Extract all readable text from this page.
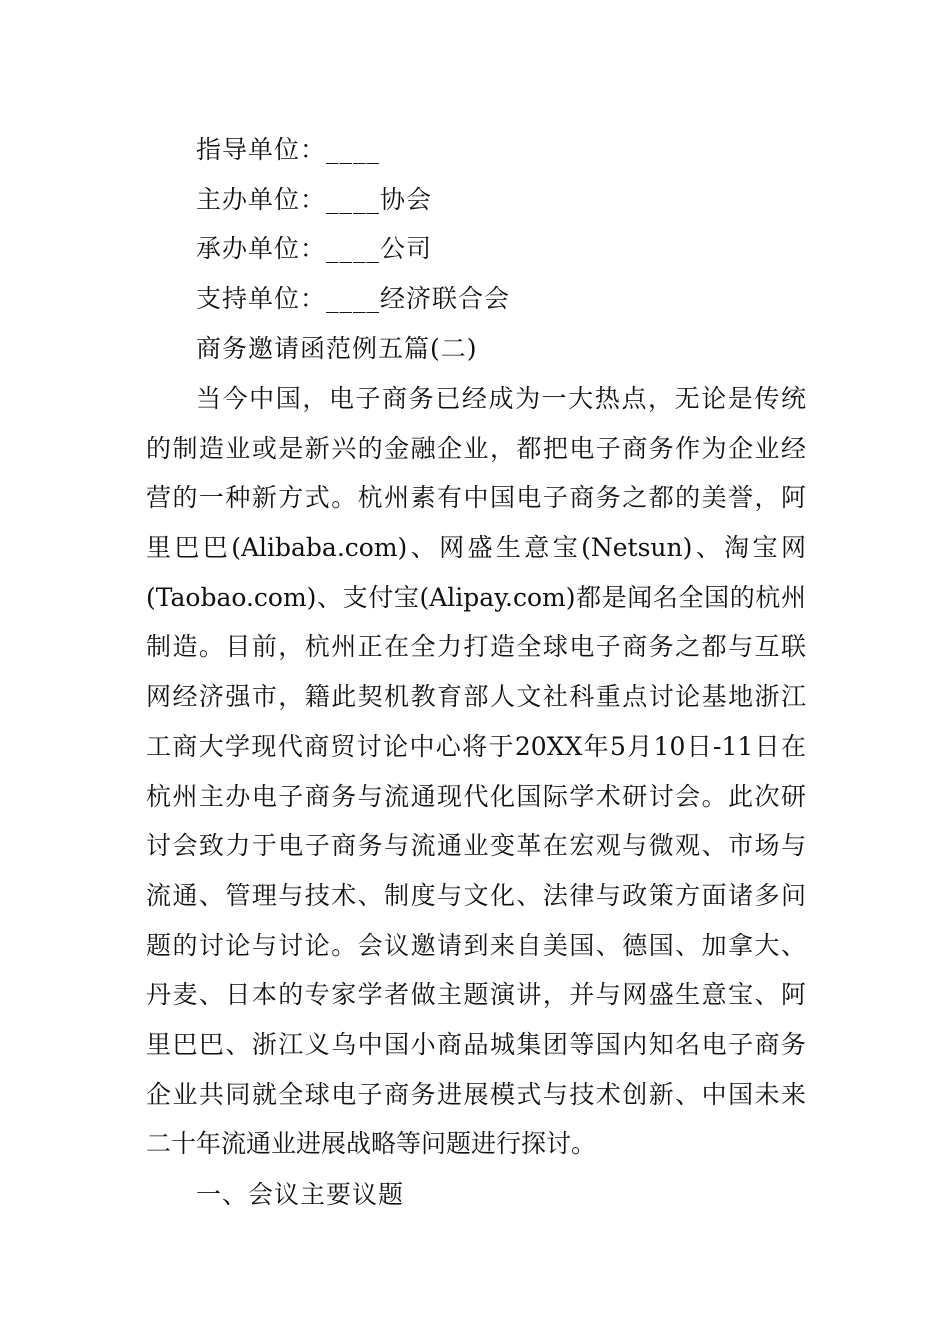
指导单位：____
主办单位：____协会
承办单位：____公司
支持单位：____经济联合会
商务邀请函范例五篇(二)
当今中国，电子商务已经成为一大热点，无论是传统
的制造业或是新兴的金融企业，都把电子商务作为企业经
营的一种新方式。杭州素有中国电子商务之都的美誉，阿
里巴巴(Alibaba.com)、网盛生意宝(Netsun)、淘宝网
(Taobao.com)、支付宝(Alipay.com)都是闻名全国的杭州
制造。目前，杭州正在全力打造全球电子商务之都与互联
网经济强市，籍此契机教育部人文社科重点讨论基地浙江
工商大学现代商贸讨论中心将于20XX年5月10日-11日在
杭州主办电子商务与流通现代化国际学术研讨会。此次研
讨会致力于电子商务与流通业变革在宏观与微观、市场与
流通、管理与技术、制度与文化、法律与政策方面诸多问
题的讨论与讨论。会议邀请到来自美国、德国、加拿大、
丹麦、日本的专家学者做主题演讲，并与网盛生意宝、阿
里巴巴、浙江义乌中国小商品城集团等国内知名电子商务
企业共同就全球电子商务进展模式与技术创新、中国未来
二十年流通业进展战略等问题进行探讨。
一、会议主要议题
